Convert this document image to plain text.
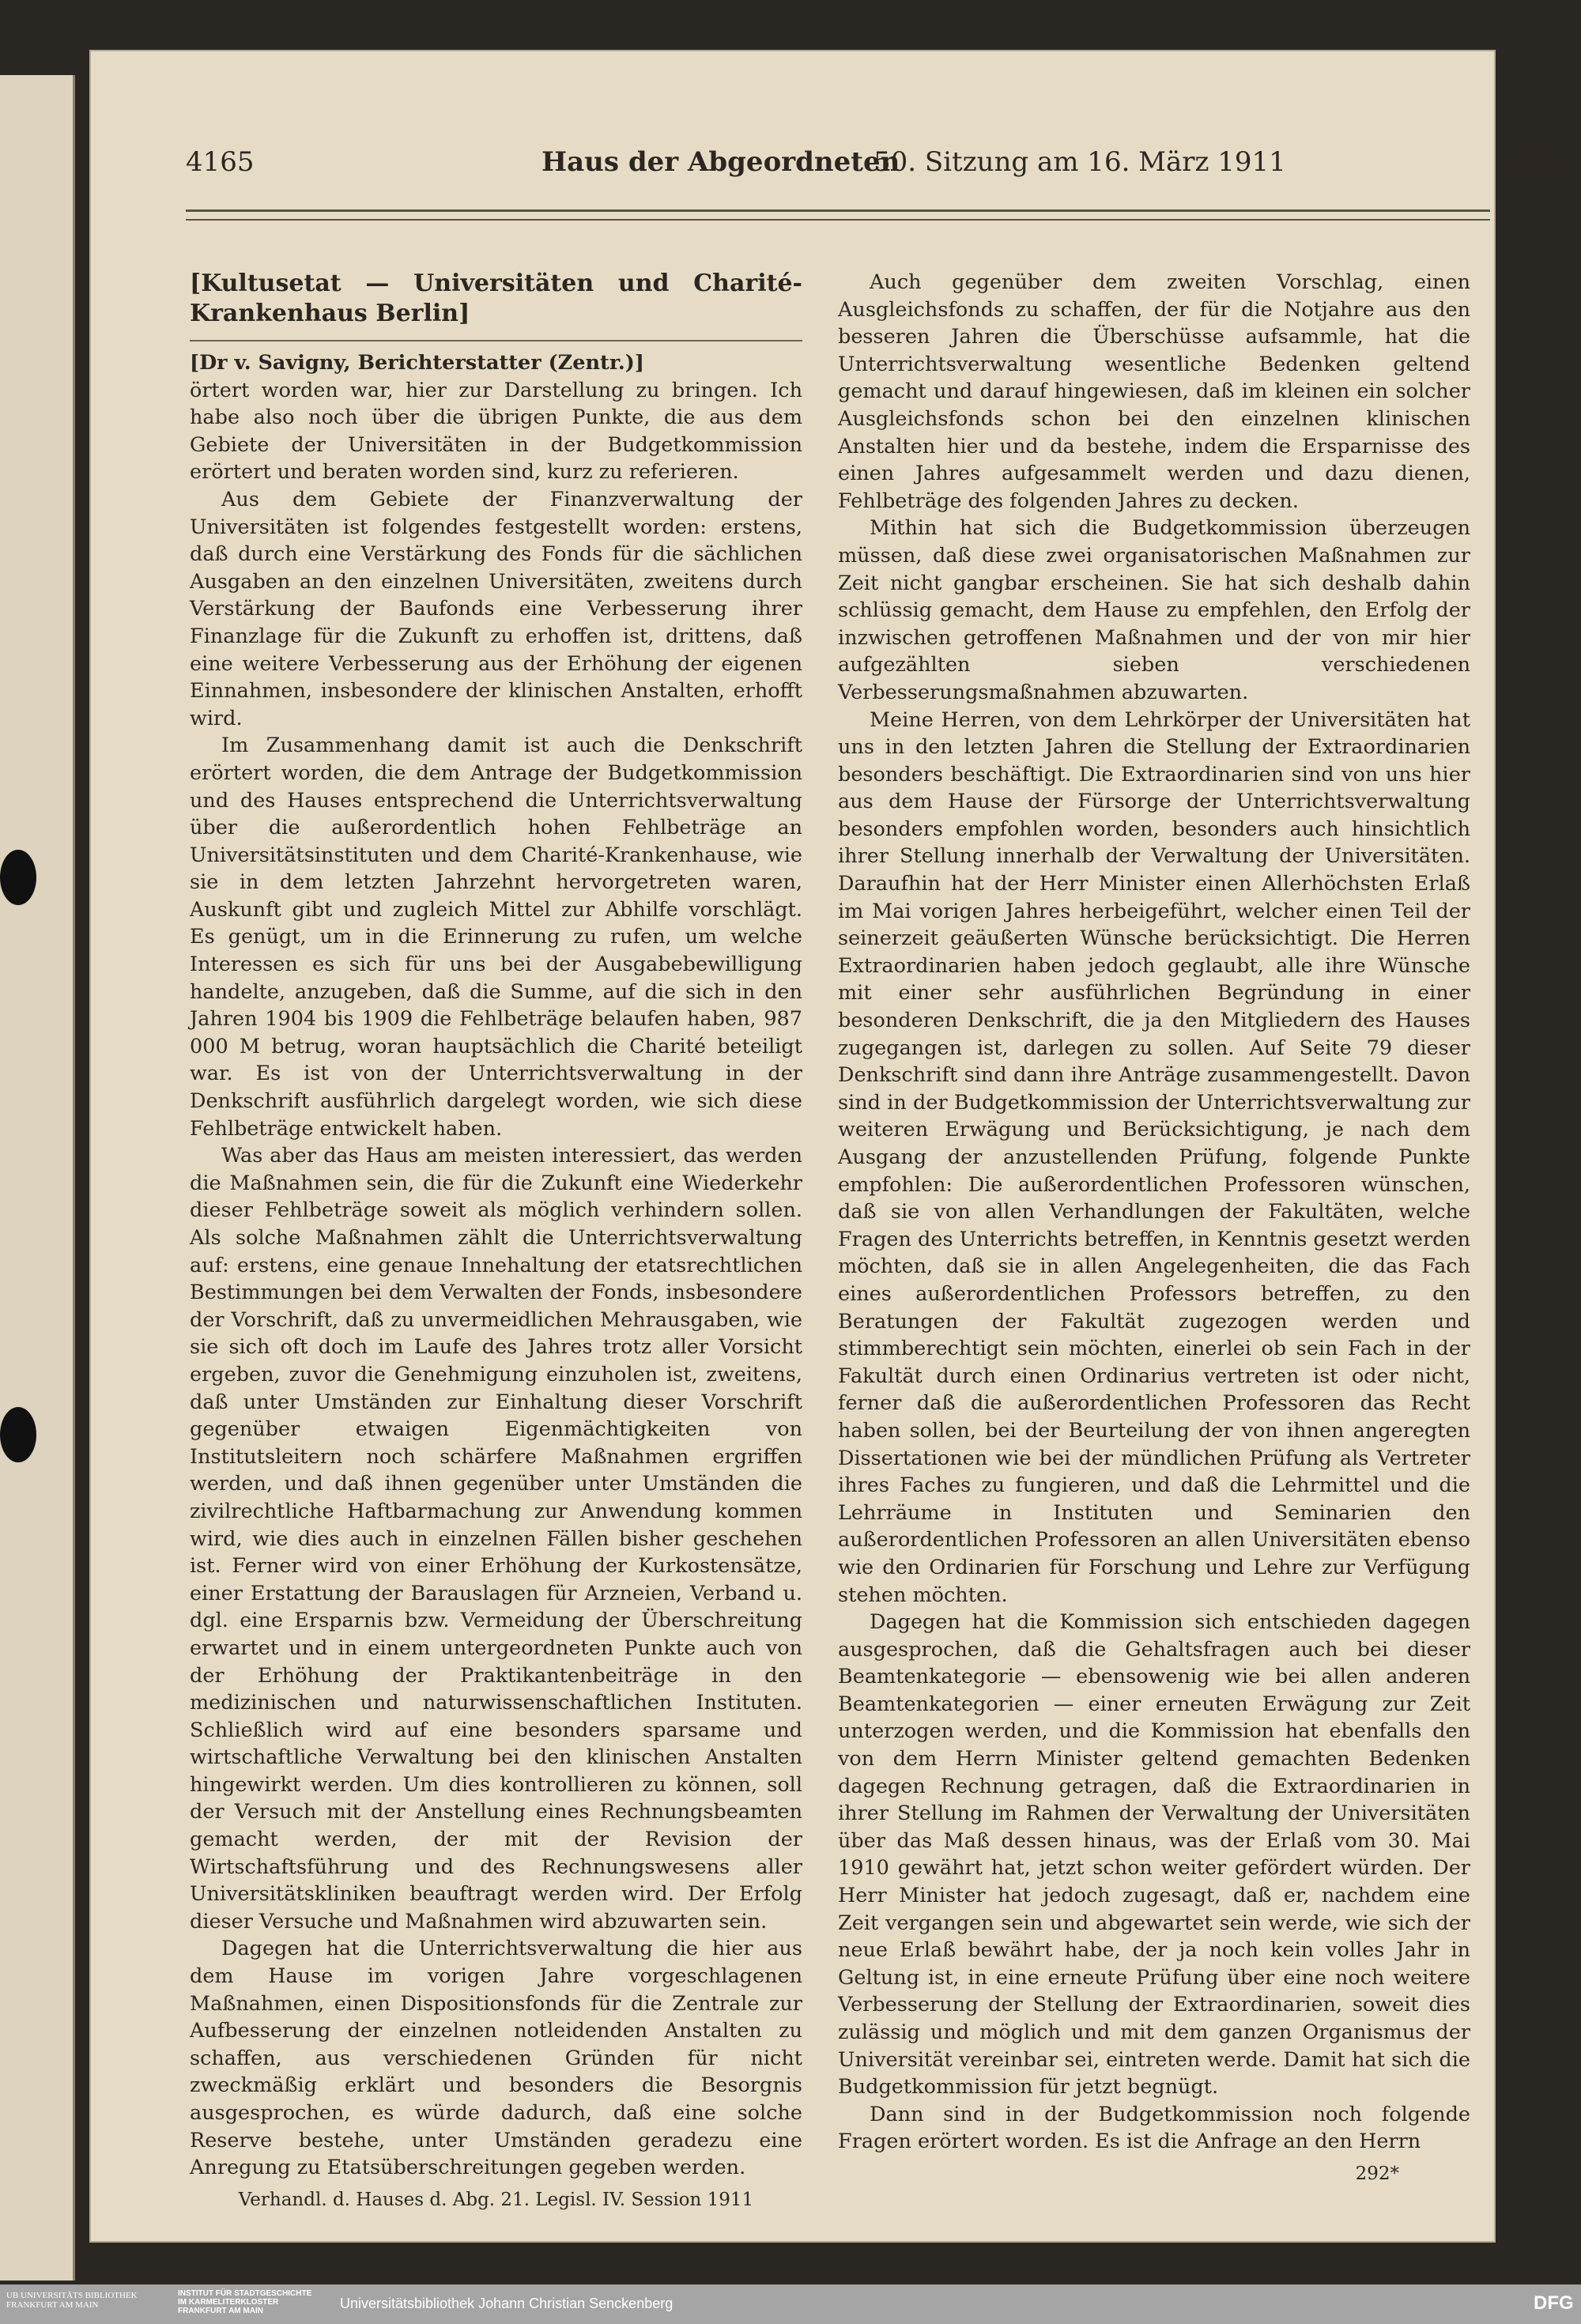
4165	Haus der Abgeordneten
50. Sitzung am 16. März 1911	4166
[Kultusetat — Universitäten und Charité-Krankenhaus Berlin]

[Dr v. Savigny, Berichterstatter (Zentr.)]

örtert worden war, hier zur Darstellung zu bringen. Ich habe also noch über die übrigen Punkte, die aus dem Gebiete der Universitäten in der Budgetkommission erörtert und beraten worden sind, kurz zu referieren.

Aus dem Gebiete der Finanzverwaltung der Universitäten ist folgendes festgestellt worden: erstens, daß durch eine Verstärkung des Fonds für die sächlichen Ausgaben an den einzelnen Universitäten, zweitens durch Verstärkung der Baufonds eine Verbesserung ihrer Finanzlage für die Zukunft zu erhoffen ist, drittens, daß eine weitere Verbesserung aus der Erhöhung der eigenen Einnahmen, insbesondere der klinischen Anstalten, erhofft wird.

Im Zusammenhang damit ist auch die Denkschrift erörtert worden, die dem Antrage der Budgetkommission und des Hauses entsprechend die Unterrichtsverwaltung über die außerordentlich hohen Fehlbeträge an Universitätsinstituten und dem Charité-Krankenhause, wie sie in dem letzten Jahrzehnt hervorgetreten waren, Auskunft gibt und zugleich Mittel zur Abhilfe vorschlägt. Es genügt, um in die Erinnerung zu rufen, um welche Interessen es sich für uns bei der Ausgabebewilligung handelte, anzugeben, daß die Summe, auf die sich in den Jahren 1904 bis 1909 die Fehlbeträge belaufen haben, 987 000 M betrug, woran hauptsächlich die Charité beteiligt war. Es ist von der Unterrichtsverwaltung in der Denkschrift ausführlich dargelegt worden, wie sich diese Fehlbeträge entwickelt haben.

Was aber das Haus am meisten interessiert, das werden die Maßnahmen sein, die für die Zukunft eine Wiederkehr dieser Fehlbeträge soweit als möglich verhindern sollen. Als solche Maßnahmen zählt die Unterrichtsverwaltung auf: erstens, eine genaue Innehaltung der etatsrechtlichen Bestimmungen bei dem Verwalten der Fonds, insbesondere der Vorschrift, daß zu unvermeidlichen Mehrausgaben, wie sie sich oft doch im Laufe des Jahres trotz aller Vorsicht ergeben, zuvor die Genehmigung einzuholen ist, zweitens, daß unter Umständen zur Einhaltung dieser Vorschrift gegenüber etwaigen Eigenmächtigkeiten von Institutsleitern noch schärfere Maßnahmen ergriffen werden, und daß ihnen gegenüber unter Umständen die zivilrechtliche Haftbarmachung zur Anwendung kommen wird, wie dies auch in einzelnen Fällen bisher geschehen ist. Ferner wird von einer Erhöhung der Kurkostensätze, einer Erstattung der Barauslagen für Arzneien, Verband u. dgl. eine Ersparnis bzw. Vermeidung der Überschreitung erwartet und in einem untergeordneten Punkte auch von der Erhöhung der Praktikantenbeiträge in den medizinischen und naturwissenschaftlichen Instituten. Schließlich wird auf eine besonders sparsame und wirtschaftliche Verwaltung bei den klinischen Anstalten hingewirkt werden. Um dies kontrollieren zu können, soll der Versuch mit der Anstellung eines Rechnungsbeamten gemacht werden, der mit der Revision der Wirtschaftsführung und des Rechnungswesens aller Universitätskliniken beauftragt werden wird. Der Erfolg dieser Versuche und Maßnahmen wird abzuwarten sein.

Dagegen hat die Unterrichtsverwaltung die hier aus dem Hause im vorigen Jahre vorgeschlagenen Maßnahmen, einen Dispositionsfonds für die Zentrale zur Aufbesserung der einzelnen notleidenden Anstalten zu schaffen, aus verschiedenen Gründen für nicht zweckmäßig erklärt und besonders die Besorgnis ausgesprochen, es würde dadurch, daß eine solche Reserve bestehe, unter Umständen geradezu eine Anregung zu Etatsüberschreitungen gegeben werden.

Verhandl. d. Hauses d. Abg. 21. Legisl. IV. Session 1911

Auch gegenüber dem zweiten Vorschlag, einen Ausgleichsfonds zu schaffen, der für die Notjahre aus den besseren Jahren die Überschüsse aufsammle, hat die Unterrichtsverwaltung wesentliche Bedenken geltend gemacht und darauf hingewiesen, daß im kleinen ein solcher Ausgleichsfonds schon bei den einzelnen klinischen Anstalten hier und da bestehe, indem die Ersparnisse des einen Jahres aufgesammelt werden und dazu dienen, Fehlbeträge des folgenden Jahres zu decken.

Mithin hat sich die Budgetkommission überzeugen müssen, daß diese zwei organisatorischen Maßnahmen zur Zeit nicht gangbar erscheinen. Sie hat sich deshalb dahin schlüssig gemacht, dem Hause zu empfehlen, den Erfolg der inzwischen getroffenen Maßnahmen und der von mir hier aufgezählten sieben verschiedenen Verbesserungsmaßnahmen abzuwarten.

Meine Herren, von dem Lehrkörper der Universitäten hat uns in den letzten Jahren die Stellung der Extraordinarien besonders beschäftigt. Die Extraordinarien sind von uns hier aus dem Hause der Fürsorge der Unterrichtsverwaltung besonders empfohlen worden, besonders auch hinsichtlich ihrer Stellung innerhalb der Verwaltung der Universitäten. Daraufhin hat der Herr Minister einen Allerhöchsten Erlaß im Mai vorigen Jahres herbeigeführt, welcher einen Teil der seinerzeit geäußerten Wünsche berücksichtigt. Die Herren Extraordinarien haben jedoch geglaubt, alle ihre Wünsche mit einer sehr ausführlichen Begründung in einer besonderen Denkschrift, die ja den Mitgliedern des Hauses zugegangen ist, darlegen zu sollen. Auf Seite 79 dieser Denkschrift sind dann ihre Anträge zusammengestellt. Davon sind in der Budgetkommission der Unterrichtsverwaltung zur weiteren Erwägung und Berücksichtigung, je nach dem Ausgang der anzustellenden Prüfung, folgende Punkte empfohlen: Die außerordentlichen Professoren wünschen, daß sie von allen Verhandlungen der Fakultäten, welche Fragen des Unterrichts betreffen, in Kenntnis gesetzt werden möchten, daß sie in allen Angelegenheiten, die das Fach eines außerordentlichen Professors betreffen, zu den Beratungen der Fakultät zugezogen werden und stimmberechtigt sein möchten, einerlei ob sein Fach in der Fakultät durch einen Ordinarius vertreten ist oder nicht, ferner daß die außerordentlichen Professoren das Recht haben sollen, bei der Beurteilung der von ihnen angeregten Dissertationen wie bei der mündlichen Prüfung als Vertreter ihres Faches zu fungieren, und daß die Lehrmittel und die Lehrräume in Instituten und Seminarien den außerordentlichen Professoren an allen Universitäten ebenso wie den Ordinarien für Forschung und Lehre zur Verfügung stehen möchten.

Dagegen hat die Kommission sich entschieden dagegen ausgesprochen, daß die Gehaltsfragen auch bei dieser Beamtenkategorie — ebensowenig wie bei allen anderen Beamtenkategorien — einer erneuten Erwägung zur Zeit unterzogen werden, und die Kommission hat ebenfalls den von dem Herrn Minister geltend gemachten Bedenken dagegen Rechnung getragen, daß die Extraordinarien in ihrer Stellung im Rahmen der Verwaltung der Universitäten über das Maß dessen hinaus, was der Erlaß vom 30. Mai 1910 gewährt hat, jetzt schon weiter gefördert würden. Der Herr Minister hat jedoch zugesagt, daß er, nachdem eine Zeit vergangen sein und abgewartet sein werde, wie sich der neue Erlaß bewährt habe, der ja noch kein volles Jahr in Geltung ist, in eine erneute Prüfung über eine noch weitere Verbesserung der Stellung der Extraordinarien, soweit dies zulässig und möglich und mit dem ganzen Organismus der Universität vereinbar sei, eintreten werde. Damit hat sich die Budgetkommission für jetzt begnügt.

Dann sind in der Budgetkommission noch folgende Fragen erörtert worden. Es ist die Anfrage an den Herrn

292*

UB UNIVERSITÄTS BIBLIOTHEK FRANKFURT AM MAIN
INSTITUT FÜR STADTGESCHICHTE IM KARMELITERKLOSTER FRANKFURT AM MAIN	Universitätsbibliothek Johann Christian Senckenberg	DFG
